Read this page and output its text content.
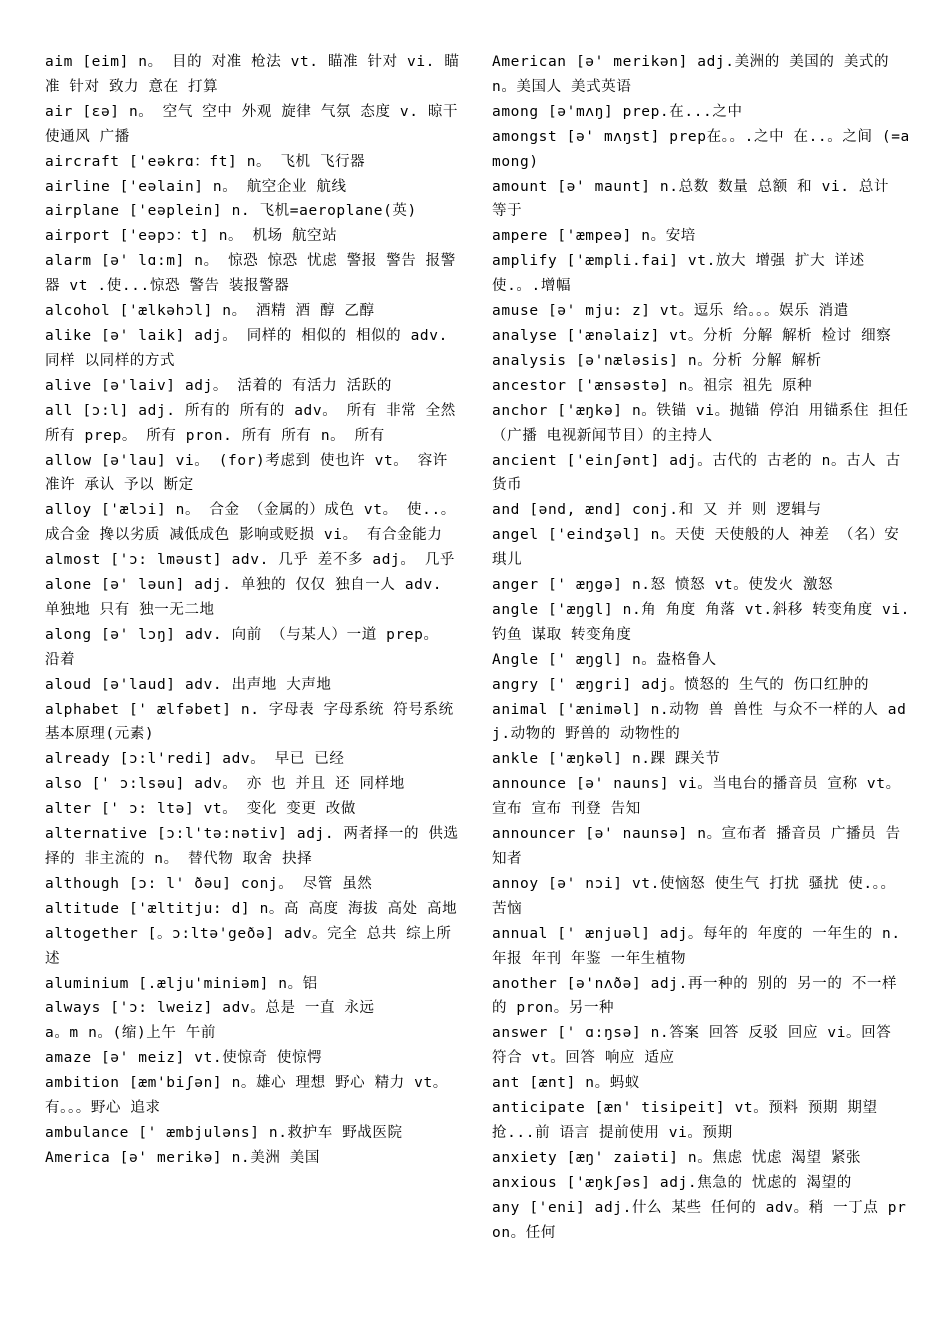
aim [eim] n。 目的 对准 枪法 vt. 瞄准 针对 vi. 瞄准 针对 致力 意在 打算

air [εə] n。 空气 空中 外观 旋律 气氛 态度 v. 晾干 使通风 广播

aircraft ['eəkrɑ：ft] n。 飞机 飞行器

airline ['eəlain] n。 航空企业 航线

airplane ['eəplein] n. 飞机=aeroplane(英)

airport ['eəpɔ：t] n。 机场 航空站

alarm [ə' lɑ:m] n。 惊恐 惊恐 忧虑 警报 警告 报警器 vt .使...惊恐 警告 装报警器

alcohol ['ælkəhɔl] n。 酒精 酒 醇 乙醇

alike [ə' laik] adj。 同样的 相似的 相似的 adv. 同样 以同样的方式

alive [ə'laiv] adj。 活着的 有活力 活跃的

all [ɔ:l] adj. 所有的 所有的 adv。 所有 非常 全然 所有 prep。 所有 pron. 所有 所有 n。 所有

allow [ə'lau] vi。 (for)考虑到 使也许 vt。 容许 准许 承认 予以 断定

alloy ['ælɔi] n。 合金 （金属的）成色 vt。 使..。成合金 搀以劣质 减低成色 影响或贬损 vi。 有合金能力

almost ['ɔ: lməust] adv. 几乎 差不多 adj。 几乎

alone [ə' ləun] adj. 单独的 仅仅 独自一人 adv. 单独地 只有 独一无二地

along [ə' lɔŋ] adv. 向前 （与某人）一道 prep。 沿着

aloud [ə'laud] adv. 出声地 大声地

alphabet [' ælfəbet] n. 字母表 字母系统 符号系统 基本原理(元素)

already [ɔ:l'redi] adv。 早已 已经

also [' ɔ:lsəu] adv。 亦 也 并且 还 同样地

alter [' ɔ: ltə] vt。 变化 变更 改做

alternative [ɔ:l'tə:nətiv] adj. 两者择一的 供选择的 非主流的 n。 替代物 取舍 抉择

although [ɔ: l' ðəu] conj。 尽管 虽然

altitude ['æltitju: d] n。高 高度 海拔 高处 高地

altogether [。ɔ:ltə'geðə] adv。完全 总共 综上所述

aluminium [.ælju'miniəm] n。铝

always ['ɔ: lweiz] adv。总是 一直 永远

a。m n。(缩)上午 午前

amaze [ə' meiz] vt.使惊奇 使惊愕

ambition [æm'biʃən] n。雄心 理想 野心 精力 vt。有。。。野心 追求

ambulance [' æmbjuləns] n.救护车 野战医院

America [ə' merikə] n.美洲 美国

American [ə' merikən] adj.美洲的 美国的 美式的 n。美国人 美式英语

among [ə'mʌŋ] prep.在...之中

amongst [ə' mʌŋst] prep在。。.之中 在..。之间 (=among)

amount [ə' maunt] n.总数 数量 总额 和 vi. 总计 等于

ampere ['æmpeə] n。安培

amplify ['æmpli.fai] vt.放大 增强 扩大 详述 使.。.增幅

amuse [ə' mju: z] vt。逗乐 给。。。娱乐 消遣

analyse ['ænəlaiz] vt。分析 分解 解析 检讨 细察

analysis [ə'næləsis] n。分析 分解 解析

ancestor ['ænsəstə] n。祖宗 祖先 原种

anchor ['æŋkə] n。铁锚 vi。抛锚 停泊 用锚系住 担任（广播 电视新闻节目）的主持人

ancient ['einʃənt] adj。古代的 古老的 n。古人 古货币

and [ənd, ænd] conj.和 又 并 则 逻辑与

angel ['eindʒəl] n。天使 天使般的人 神差 （名）安琪儿

anger [' æŋgə] n.怒 愤怒 vt。使发火 激怒

angle ['æŋgl] n.角 角度 角落 vt.斜移 转变角度 vi.钓鱼 谋取 转变角度

Angle [' æŋgl] n。盎格鲁人

angry [' æŋgri] adj。愤怒的 生气的 伤口红肿的

animal ['æniməl] n.动物 兽 兽性 与众不一样的人 adj.动物的 野兽的 动物性的

ankle ['æŋkəl] n.踝 踝关节

announce [ə' nauns] vi。当电台的播音员 宣称 vt。宣布 宣布 刊登 告知

announcer [ə' naunsə] n。宣布者 播音员 广播员 告知者

annoy [ə' nɔi] vt.使恼怒 使生气 打扰 骚扰 使.。。苦恼

annual [' ænjuəl] adj。每年的 年度的 一年生的 n.年报 年刊 年鉴 一年生植物

another [ə'nʌðə] adj.再一种的 别的 另一的 不一样的 pron。另一种

answer [' ɑ:ŋsə] n.答案 回答 反驳 回应 vi。回答 符合 vt。回答 响应 适应

ant [ænt] n。蚂蚁

anticipate [æn' tisipeit] vt。预料 预期 期望 抢...前 语言 提前使用 vi。预期

anxiety [æŋ' zaiəti] n。焦虑 忧虑 渴望 紧张

anxious ['æŋkʃəs] adj.焦急的 忧虑的 渴望的

any ['eni] adj.什么 某些 任何的 adv。稍 一丁点 pron。任何
